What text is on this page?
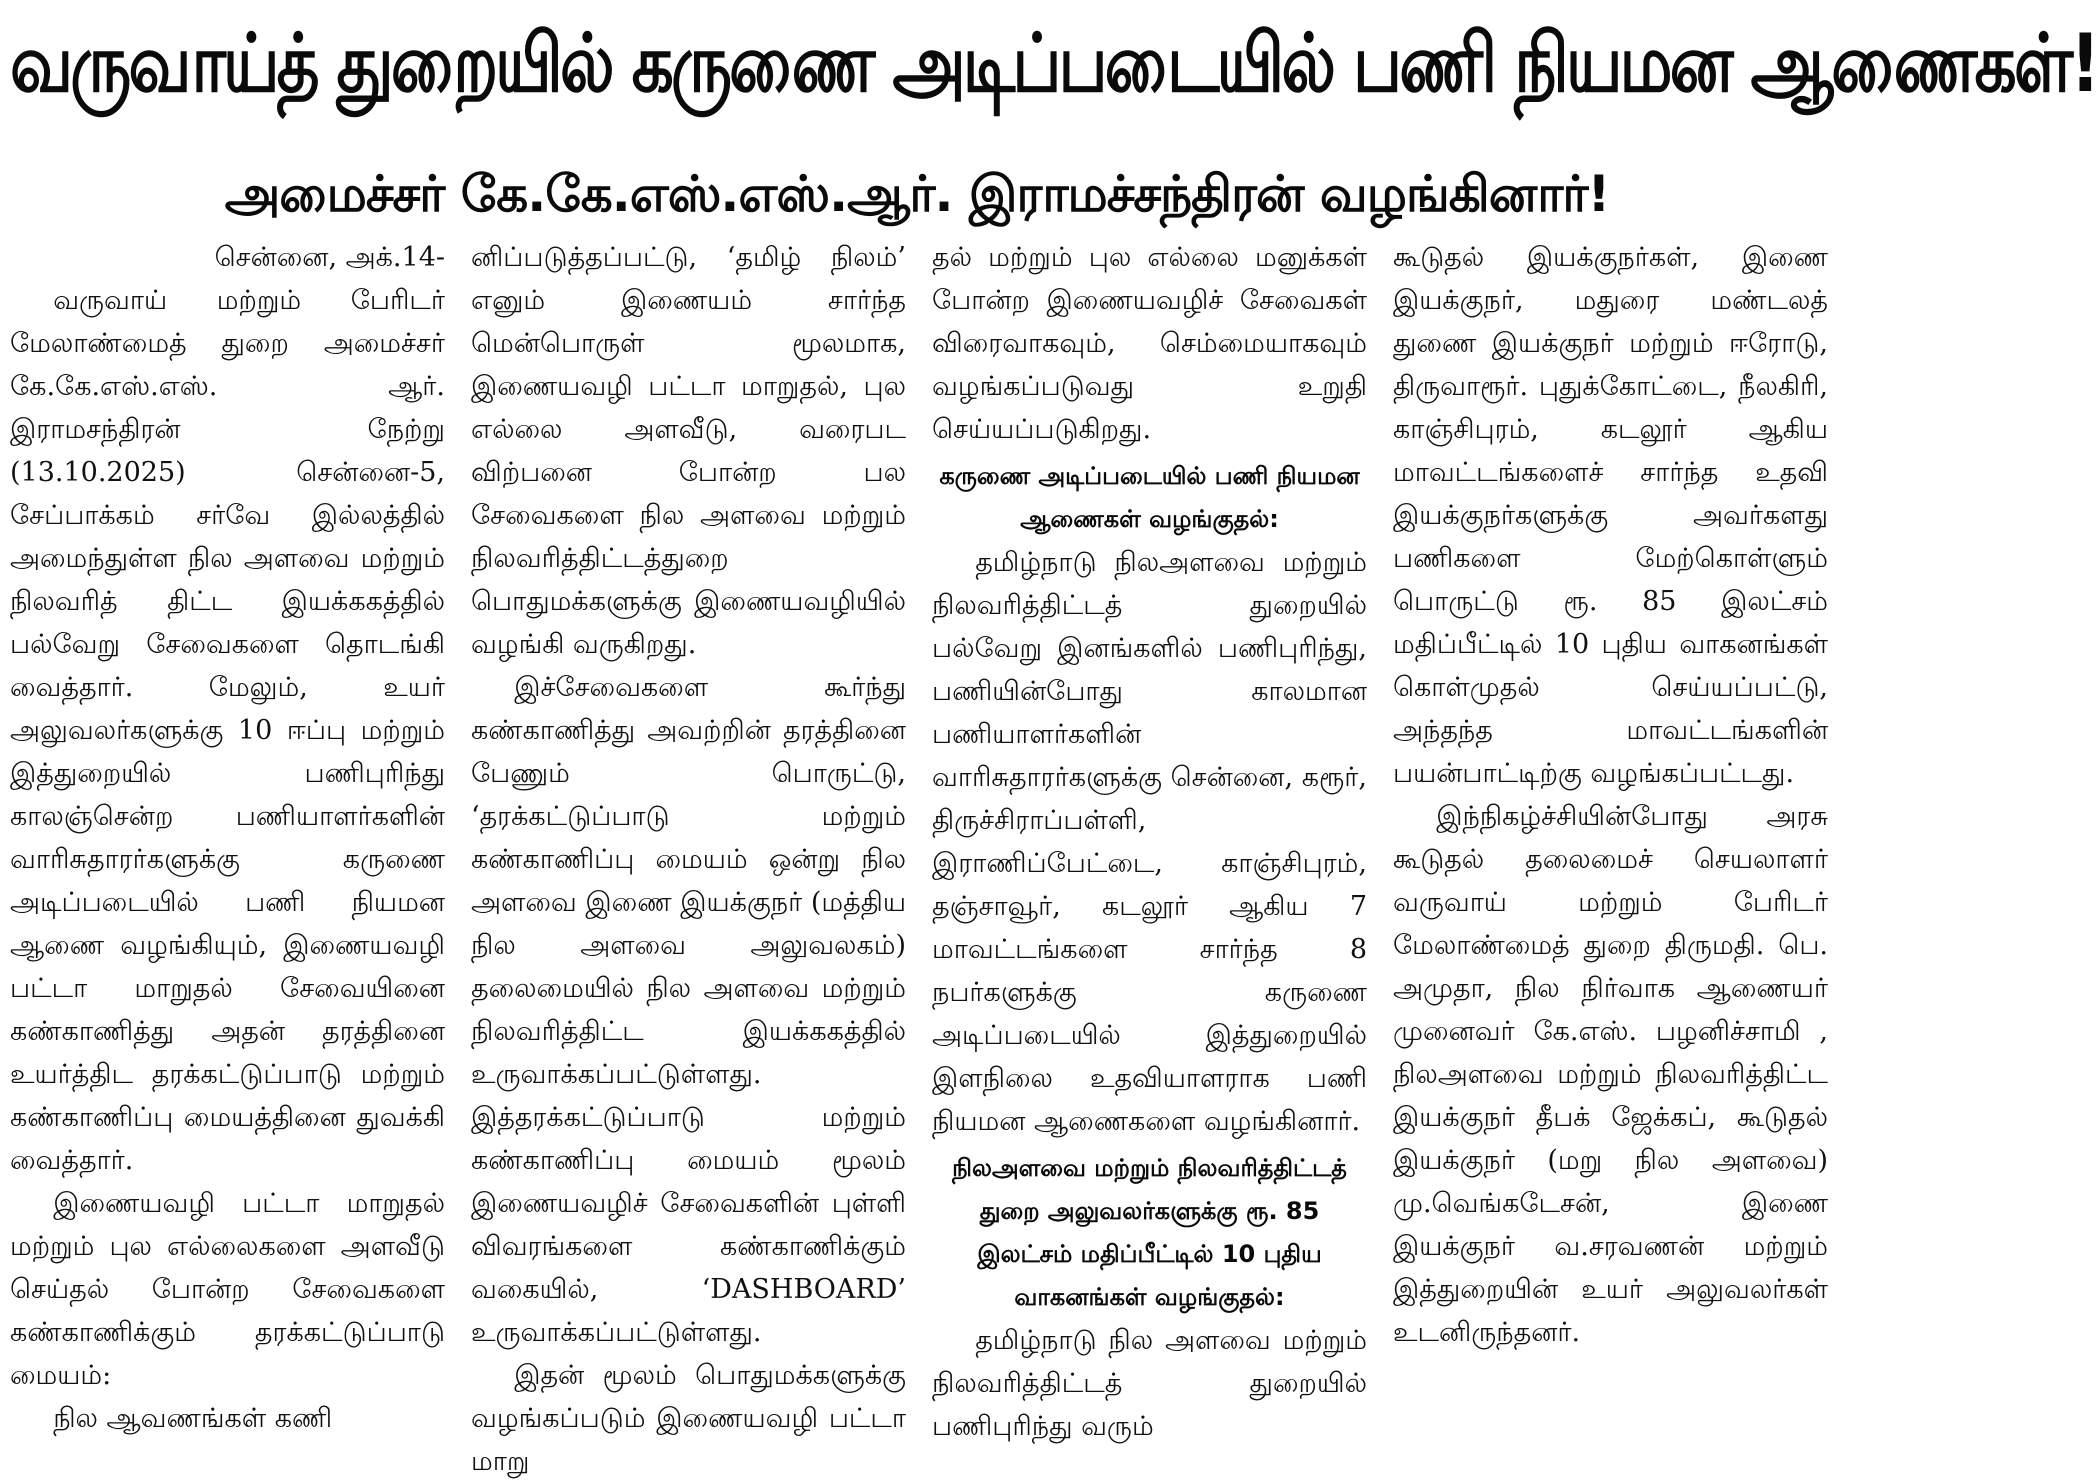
வருவாய்த் துறையில் கருணை அடிப்படையில் பணி நியமன ஆணைகள்!
அமைச்சர் கே.கே.எஸ்.எஸ்.ஆர். இராமச்சந்திரன் வழங்கினார்!

சென்னை, அக்.14-

வருவாய் மற்றும் பேரிடர் மேலாண்மைத் துறை அமைச்சர் கே.கே.எஸ்.எஸ். ஆர். இராமசந்திரன் நேற்று (13.10.2025) சென்னை-5, சேப்பாக்கம் சர்வே இல்லத்தில் அமைந்துள்ள நில அளவை மற்றும் நிலவரித் திட்ட இயக்ககத்தில் பல்வேறு சேவைகளை தொடங்கி வைத்தார். மேலும், உயர் அலுவலர்களுக்கு 10 ஈப்பு மற்றும் இத்துறையில் பணிபுரிந்து காலஞ்சென்ற பணியாளர்களின் வாரிசுதாரர்களுக்கு கருணை அடிப்படையில் பணி நியமன ஆணை வழங்கியும், இணையவழி பட்டா மாறுதல் சேவையினை கண்காணித்து அதன் தரத்தினை உயர்த்திட தரக்கட்டுப்பாடு மற்றும் கண்காணிப்பு மையத்தினை துவக்கி வைத்தார்.

இணையவழி பட்டா மாறுதல் மற்றும் புல எல்லைகளை அளவீடு செய்தல் போன்ற சேவைகளை கண்காணிக்கும் தரக்கட்டுப்பாடு மையம்:

நில ஆவணங்கள் கணி

னிப்படுத்தப்பட்டு, ‘தமிழ் நிலம்’ எனும் இணையம் சார்ந்த மென்பொருள் மூலமாக, இணையவழி பட்டா மாறுதல், புல எல்லை அளவீடு, வரைபட விற்பனை போன்ற பல சேவைகளை நில அளவை மற்றும் நிலவரித்திட்டத்துறை பொதுமக்களுக்கு இணையவழியில் வழங்கி வருகிறது.

இச்சேவைகளை கூர்ந்து கண்காணித்து அவற்றின் தரத்தினை பேணும் பொருட்டு, ‘தரக்கட்டுப்பாடு மற்றும் கண்காணிப்பு மையம் ஒன்று நில அளவை இணை இயக்குநர் (மத்திய நில அளவை அலுவலகம்) தலைமையில் நில அளவை மற்றும் நிலவரித்திட்ட இயக்ககத்தில் உருவாக்கப்பட்டுள்ளது. இத்தரக்கட்டுப்பாடு மற்றும் கண்காணிப்பு மையம் மூலம் இணையவழிச் சேவைகளின் புள்ளி விவரங்களை கண்காணிக்கும் வகையில், ‘DASHBOARD’ உருவாக்கப்பட்டுள்ளது.

இதன் மூலம் பொதுமக்களுக்கு வழங்கப்படும் இணையவழி பட்டா மாறு

தல் மற்றும் புல எல்லை மனுக்கள் போன்ற இணையவழிச் சேவைகள் விரைவாகவும், செம்மையாகவும் வழங்கப்படுவது உறுதி செய்யப்படுகிறது.

கருணை அடிப்படையில் பணி நியமன ஆணைகள் வழங்குதல்:

தமிழ்நாடு நிலஅளவை மற்றும் நிலவரித்திட்டத் துறையில் பல்வேறு இனங்களில் பணிபுரிந்து, பணியின்போது காலமான பணியாளர்களின் வாரிசுதாரர்களுக்கு சென்னை, கரூர், திருச்சிராப்பள்ளி, இராணிப்பேட்டை, காஞ்சிபுரம், தஞ்சாவூர், கடலூர் ஆகிய 7 மாவட்டங்களை சார்ந்த 8 நபர்களுக்கு கருணை அடிப்படையில் இத்துறையில் இளநிலை உதவியாளராக பணி நியமன ஆணைகளை வழங்கினார்.

நிலஅளவை மற்றும் நிலவரித்திட்டத் துறை அலுவலர்களுக்கு ரூ. 85 இலட்சம் மதிப்பீட்டில் 10 புதிய வாகனங்கள் வழங்குதல்:

தமிழ்நாடு நில அளவை மற்றும் நிலவரித்திட்டத் துறையில் பணிபுரிந்து வரும்

கூடுதல் இயக்குநர்கள், இணை இயக்குநர், மதுரை மண்டலத் துணை இயக்குநர் மற்றும் ஈரோடு, திருவாரூர். புதுக்கோட்டை, நீலகிரி, காஞ்சிபுரம், கடலூர் ஆகிய மாவட்டங்களைச் சார்ந்த உதவி இயக்குநர்களுக்கு அவர்களது பணிகளை மேற்கொள்ளும் பொருட்டு ரூ. 85 இலட்சம் மதிப்பீட்டில் 10 புதிய வாகனங்கள் கொள்முதல் செய்யப்பட்டு, அந்தந்த மாவட்டங்களின் பயன்பாட்டிற்கு வழங்கப்பட்டது.

இந்நிகழ்ச்சியின்போது அரசு கூடுதல் தலைமைச் செயலாளர் வருவாய் மற்றும் பேரிடர் மேலாண்மைத் துறை திருமதி. பெ. அமுதா, நில நிர்வாக ஆணையர் முனைவர் கே.எஸ். பழனிச்சாமி , நிலஅளவை மற்றும் நிலவரித்திட்ட இயக்குநர் தீபக் ஜேக்கப், கூடுதல் இயக்குநர் (மறு நில அளவை) மு.வெங்கடேசன், இணை இயக்குநர் வ.சரவணன் மற்றும் இத்துறையின் உயர் அலுவலர்கள் உடனிருந்தனர்.
